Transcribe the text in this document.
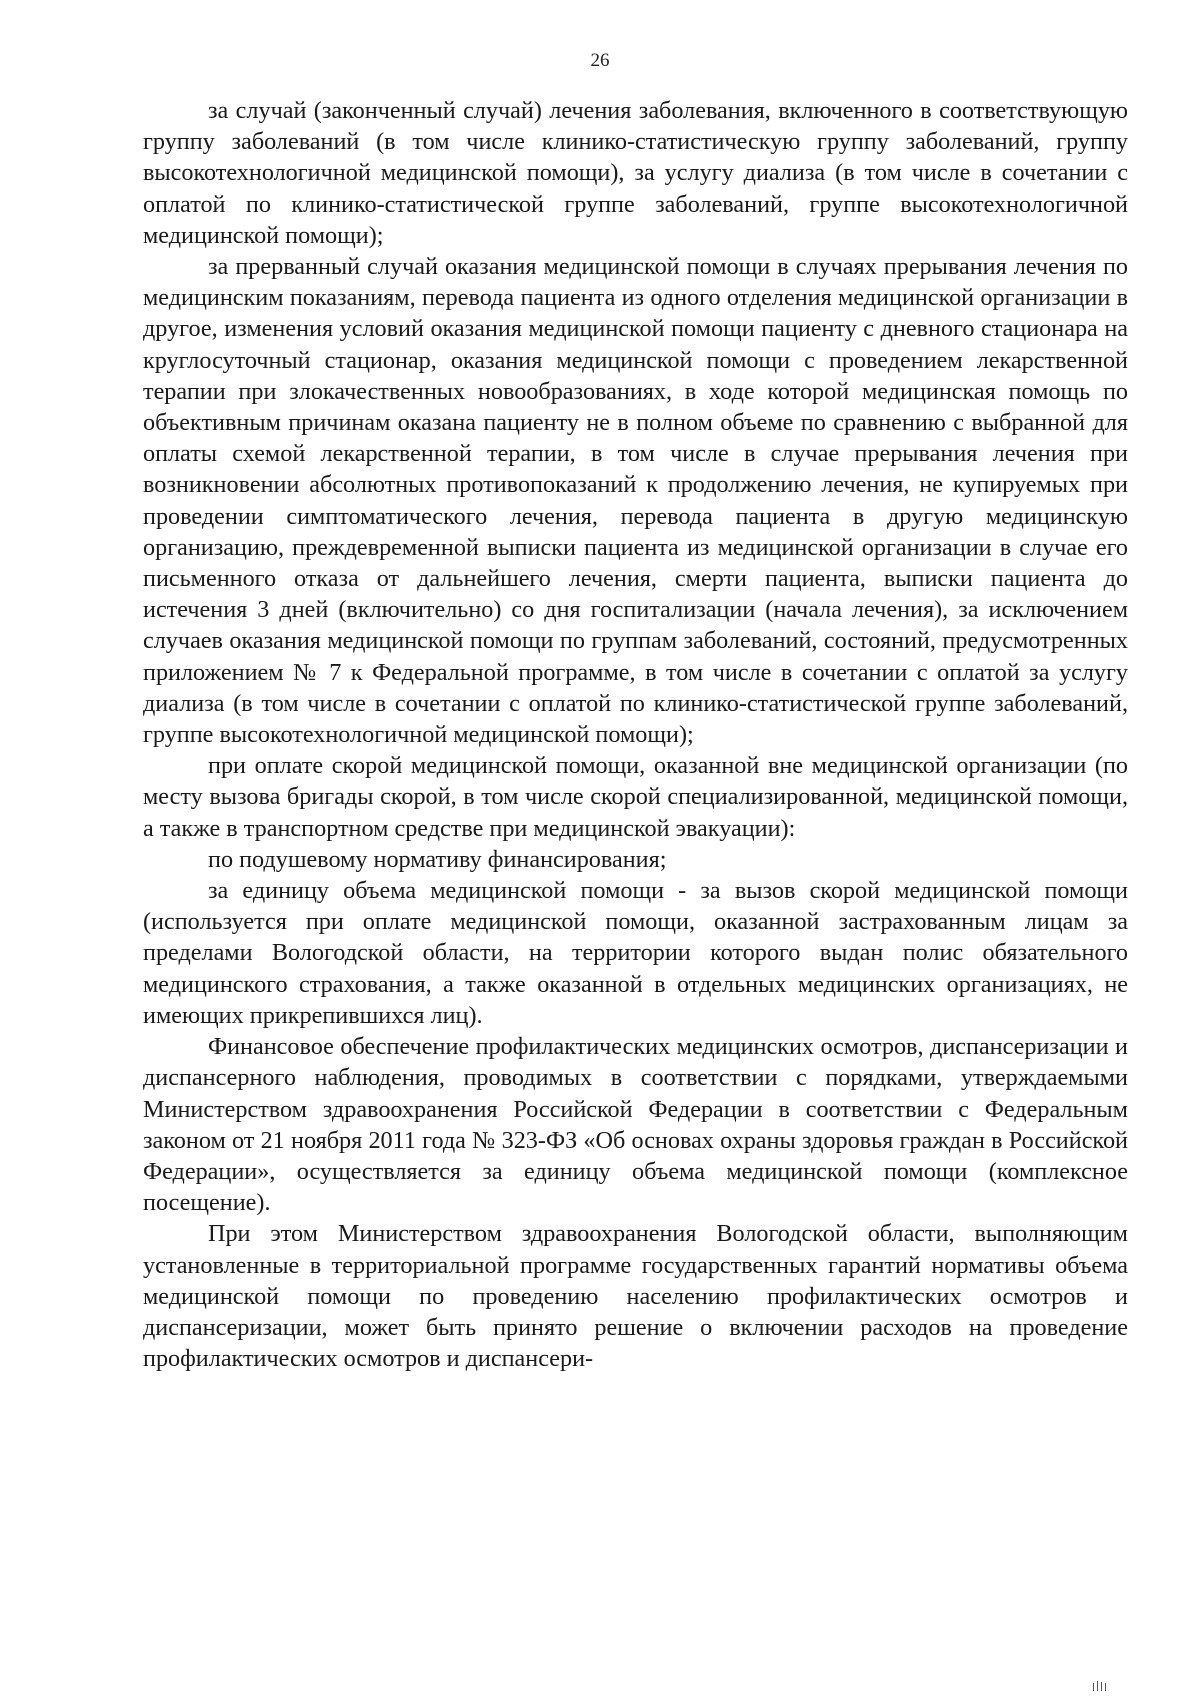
26

за случай (законченный случай) лечения заболевания, включенного в соответствующую группу заболеваний (в том числе клинико-статистическую группу заболеваний, группу высокотехнологичной медицинской помощи), за услугу диализа (в том числе в сочетании с оплатой по клинико-статистической группе заболеваний, группе высокотехнологичной медицинской помощи);

за прерванный случай оказания медицинской помощи в случаях прерывания лечения по медицинским показаниям, перевода пациента из одного отделения медицинской организации в другое, изменения условий оказания медицинской помощи пациенту с дневного стационара на круглосуточный стационар, оказания медицинской помощи с проведением лекарственной терапии при злокачественных новообразованиях, в ходе которой медицинская помощь по объективным причинам оказана пациенту не в полном объеме по сравнению с выбранной для оплаты схемой лекарственной терапии, в том числе в случае прерывания лечения при возникновении абсолютных противопоказаний к продолжению лечения, не купируемых при проведении симптоматического лечения, перевода пациента в другую медицинскую организацию, преждевременной выписки пациента из медицинской организации в случае его письменного отказа от дальнейшего лечения, смерти пациента, выписки пациента до истечения 3 дней (включительно) со дня госпитализации (начала лечения), за исключением случаев оказания медицинской помощи по группам заболеваний, состояний, предусмотренных приложением № 7 к Федеральной программе, в том числе в сочетании с оплатой за услугу диализа (в том числе в сочетании с оплатой по клинико-статистической группе заболеваний, группе высокотехнологичной медицинской помощи);

при оплате скорой медицинской помощи, оказанной вне медицинской организации (по месту вызова бригады скорой, в том числе скорой специализированной, медицинской помощи, а также в транспортном средстве при медицинской эвакуации):

по подушевому нормативу финансирования;

за единицу объема медицинской помощи - за вызов скорой медицинской помощи (используется при оплате медицинской помощи, оказанной застрахованным лицам за пределами Вологодской области, на территории которого выдан полис обязательного медицинского страхования, а также оказанной в отдельных медицинских организациях, не имеющих прикрепившихся лиц).

Финансовое обеспечение профилактических медицинских осмотров, диспансеризации и диспансерного наблюдения, проводимых в соответствии с порядками, утверждаемыми Министерством здравоохранения Российской Федерации в соответствии с Федеральным законом от 21 ноября 2011 года № 323-ФЗ «Об основах охраны здоровья граждан в Российской Федерации», осуществляется за единицу объема медицинской помощи (комплексное посещение).

При этом Министерством здравоохранения Вологодской области, выполняющим установленные в территориальной программе государственных гарантий нормативы объема медицинской помощи по проведению населению профилактических осмотров и диспансеризации, может быть принято решение о включении расходов на проведение профилактических осмотров и диспансери-
